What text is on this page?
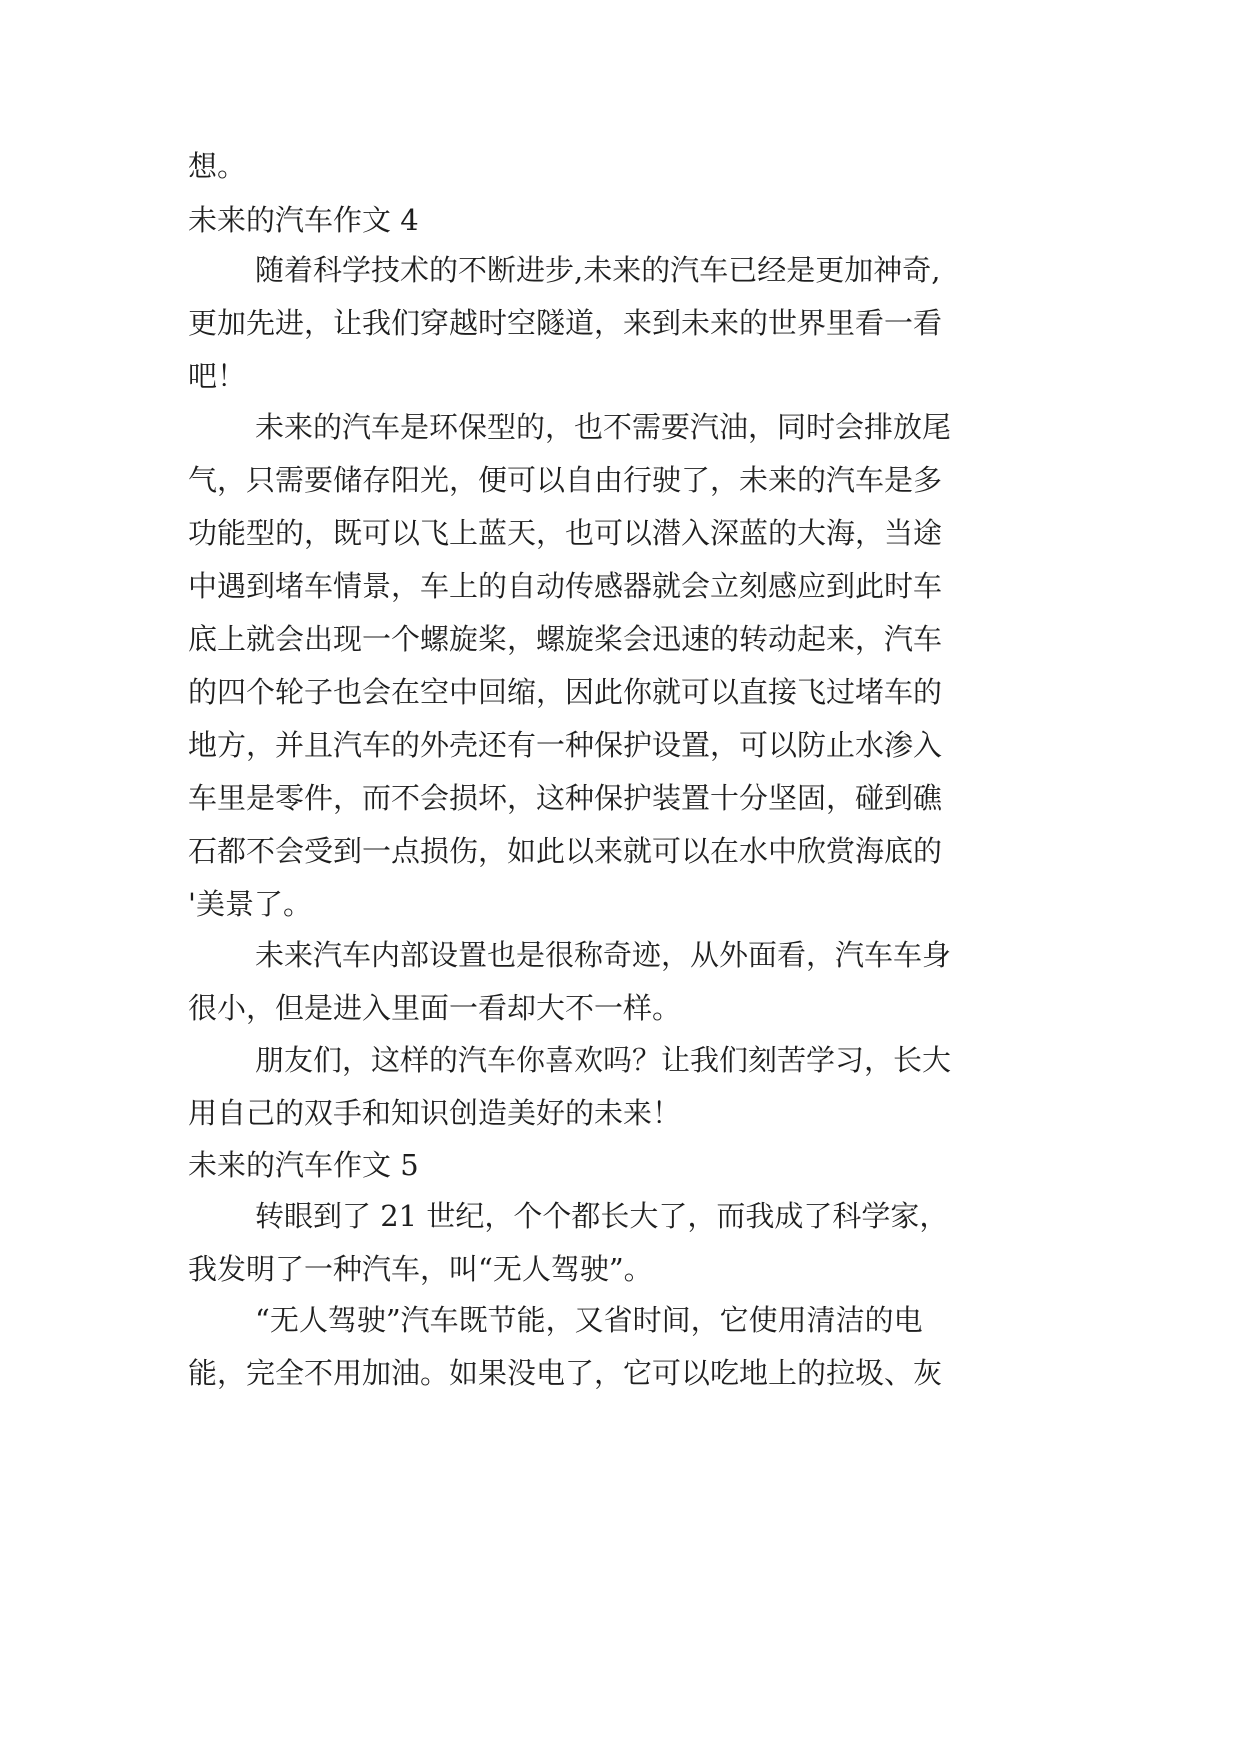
想。

未来的汽车作文 4

随着科学技术的不断进步,未来的汽车已经是更加神奇,

更加先进，让我们穿越时空隧道，来到未来的世界里看一看

吧！

未来的汽车是环保型的，也不需要汽油，同时会排放尾

气，只需要储存阳光，便可以自由行驶了，未来的汽车是多

功能型的，既可以飞上蓝天，也可以潜入深蓝的大海，当途

中遇到堵车情景，车上的自动传感器就会立刻感应到此时车

底上就会出现一个螺旋桨，螺旋桨会迅速的转动起来，汽车

的四个轮子也会在空中回缩，因此你就可以直接飞过堵车的

地方，并且汽车的外壳还有一种保护设置，可以防止水渗入

车里是零件，而不会损坏，这种保护装置十分坚固，碰到礁

石都不会受到一点损伤，如此以来就可以在水中欣赏海底的

'美景了。

未来汽车内部设置也是很称奇迹，从外面看，汽车车身

很小，但是进入里面一看却大不一样。

朋友们，这样的汽车你喜欢吗？让我们刻苦学习，长大

用自己的双手和知识创造美好的未来！

未来的汽车作文 5

转眼到了 21 世纪，个个都长大了，而我成了科学家，

我发明了一种汽车，叫“无人驾驶”。

“无人驾驶”汽车既节能，又省时间，它使用清洁的电

能，完全不用加油。如果没电了，它可以吃地上的拉圾、灰
